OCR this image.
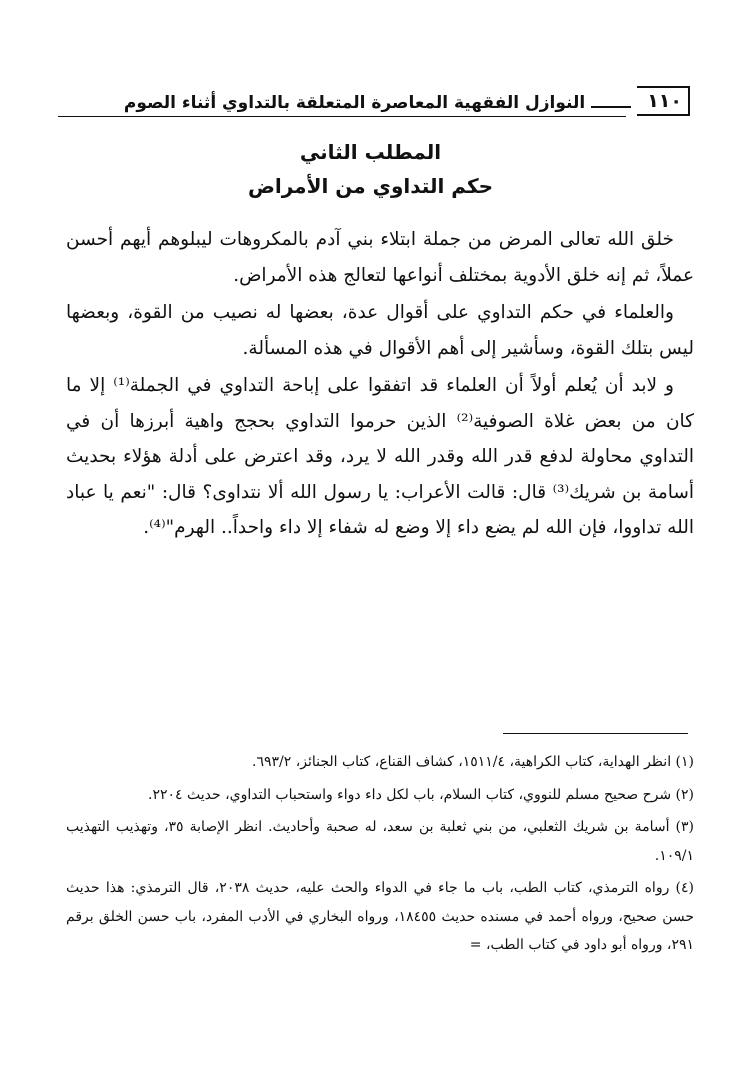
١١٠
النوازل الفقهية المعاصرة المتعلقة بالتداوي أثناء الصوم
المطلب الثاني
حكم التداوي من الأمراض

خلق الله تعالى المرض من جملة ابتلاء بني آدم بالمكروهات ليبلوهم أيهم أحسن عملاً، ثم إنه خلق الأدوية بمختلف أنواعها لتعالج هذه الأمراض.

والعلماء في حكم التداوي على أقوال عدة، بعضها له نصيب من القوة، وبعضها ليس بتلك القوة، وسأشير إلى أهم الأقوال في هذه المسألة.

و لابد أن يُعلم أولاً أن العلماء قد اتفقوا على إباحة التداوي في الجملة⁽¹⁾ إلا ما كان من بعض غلاة الصوفية⁽²⁾ الذين حرموا التداوي بحجج واهية أبرزها أن في التداوي محاولة لدفع قدر الله وقدر الله لا يرد، وقد اعترض على أدلة هؤلاء بحديث أسامة بن شريك⁽³⁾ قال: قالت الأعراب: يا رسول الله ألا نتداوى؟ قال: "نعم يا عباد الله تداووا، فإن الله لم يضع داء إلا وضع له شفاء إلا داء واحداً.. الهرم"⁽⁴⁾.

(١) انظر الهداية، كتاب الكراهية، ١٥١١/٤، كشاف القناع، كتاب الجنائز، ٦٩٣/٢.

(٢) شرح صحيح مسلم للنووي، كتاب السلام، باب لكل داء دواء واستحباب التداوي، حديث ٢٢٠٤.

(٣) أسامة بن شريك الثعلبي، من بني ثعلبة بن سعد، له صحبة وأحاديث. انظر الإصابة ٣٥، وتهذيب التهذيب ١٠٩/١.

(٤) رواه الترمذي، كتاب الطب، باب ما جاء في الدواء والحث عليه، حديث ٢٠٣٨، قال الترمذي: هذا حديث حسن صحيح، ورواه أحمد في مسنده حديث ١٨٤٥٥، ورواه البخاري في الأدب المفرد، باب حسن الخلق برقم ٢٩١، ورواه أبو داود في كتاب الطب، =
